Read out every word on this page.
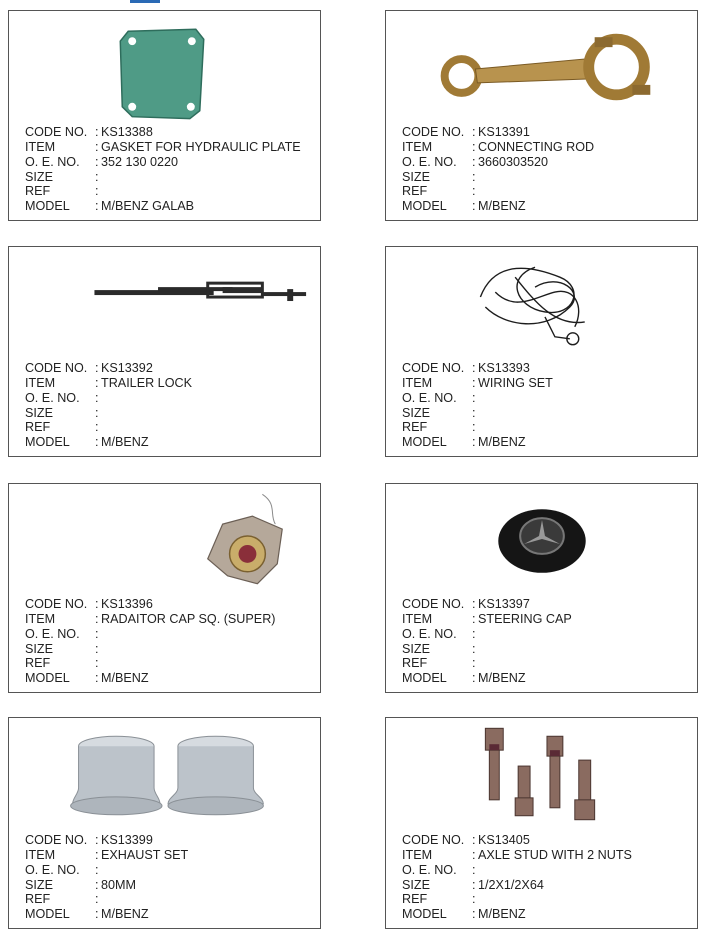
CODE NO. : KS13388
ITEM	: GASKET FOR HYDRAULIC PLATE
O. E. NO.	: 352 130 0220
SIZE	:
REF	:
MODEL	: M/BENZ GALAB
CODE NO. : KS13391
ITEM	: CONNECTING ROD
O. E. NO.	: 3660303520
SIZE	:
REF	:
MODEL	: M/BENZ
CODE NO. : KS13392
ITEM	: TRAILER LOCK
O. E. NO.	:
SIZE	:
REF	:
MODEL	: M/BENZ
CODE NO. : KS13393
ITEM	: WIRING SET
O. E. NO.	:
SIZE	:
REF	:
MODEL	: M/BENZ
CODE NO. : KS13396
ITEM	: RADAITOR CAP SQ. (SUPER)
O. E. NO.	:
SIZE	:
REF	:
MODEL	: M/BENZ
CODE NO. : KS13397
ITEM	: STEERING CAP
O. E. NO.	:
SIZE	:
REF	:
MODEL	: M/BENZ
CODE NO. : KS13399
ITEM	: EXHAUST SET
O. E. NO.	:
SIZE	: 80MM
REF	:
MODEL	: M/BENZ
CODE NO. : KS13405
ITEM	: AXLE STUD WITH 2 NUTS
O. E. NO.	:
SIZE	: 1/2X1/2X64
REF	:
MODEL	: M/BENZ
